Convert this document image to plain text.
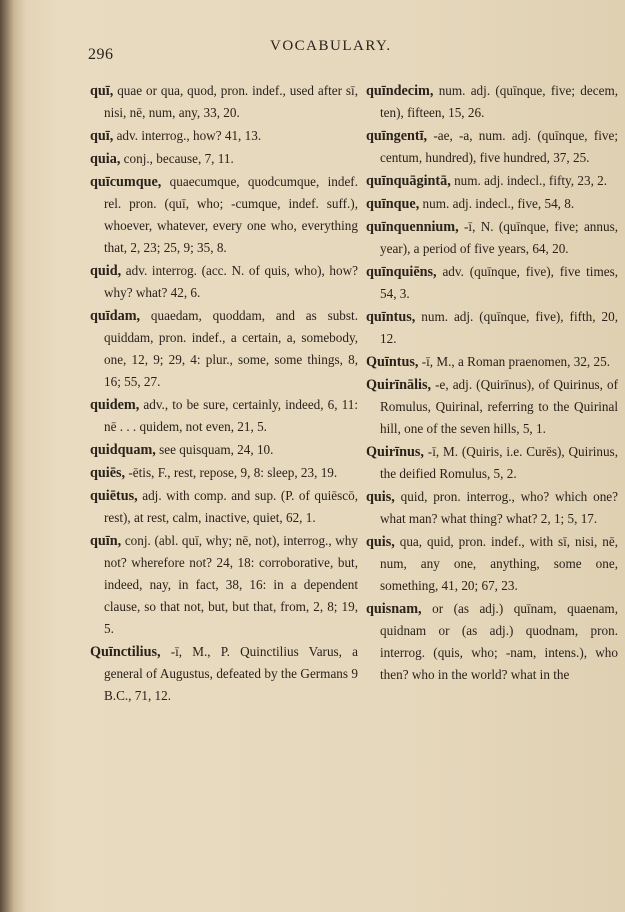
296	VOCABULARY.

quī, quae or qua, quod, pron. indef., used after sī, nisi, nē, num, any, 33, 20.

quī, adv. interrog., how? 41, 13.

quia, conj., because, 7, 11.

quīcumque, quaecumque, quodcumque, indef. rel. pron. (quī, who; -cumque, indef. suff.), whoever, whatever, every one who, everything that, 2, 23; 25, 9; 35, 8.

quid, adv. interrog. (acc. N. of quis, who), how? why? what? 42, 6.

quīdam, quaedam, quoddam, and as subst. quiddam, pron. indef., a certain, a, somebody, one, 12, 9; 29, 4: plur., some, some things, 8, 16; 55, 27.

quidem, adv., to be sure, certainly, indeed, 6, 11: nē . . . quidem, not even, 21, 5.

quidquam, see quisquam, 24, 10.

quiēs, -ētis, F., rest, repose, 9, 8: sleep, 23, 19.

quiētus, adj. with comp. and sup. (P. of quiēscō, rest), at rest, calm, inactive, quiet, 62, 1.

quīn, conj. (abl. quī, why; nē, not), interrog., why not? wherefore not? 24, 18: corroborative, but, indeed, nay, in fact, 38, 16: in a dependent clause, so that not, but, but that, from, 2, 8; 19, 5.

Quīnctilius, -ī, M., P. Quinctilius Varus, a general of Augustus, defeated by the Germans 9 B.C., 71, 12.

quīndecim, num. adj. (quīnque, five; decem, ten), fifteen, 15, 26.

quīngentī, -ae, -a, num. adj. (quīnque, five; centum, hundred), five hundred, 37, 25.

quīnquāgintā, num. adj. indecl., fifty, 23, 2.

quīnque, num. adj. indecl., five, 54, 8.

quīnquennium, -ī, N. (quīnque, five; annus, year), a period of five years, 64, 20.

quīnquiēns, adv. (quīnque, five), five times, 54, 3.

quīntus, num. adj. (quīnque, five), fifth, 20, 12.

Quīntus, -ī, M., a Roman praenomen, 32, 25.

Quirīnālis, -e, adj. (Quirīnus), of Quirinus, of Romulus, Quirinal, referring to the Quirinal hill, one of the seven hills, 5, 1.

Quirīnus, -ī, M. (Quiris, i.e. Curēs), Quirinus, the deified Romulus, 5, 2.

quis, quid, pron. interrog., who? which one? what man? what thing? what? 2, 1; 5, 17.

quis, qua, quid, pron. indef., with sī, nisi, nē, num, any one, anything, some one, something, 41, 20; 67, 23.

quisnam, or (as adj.) quīnam, quaenam, quidnam or (as adj.) quodnam, pron. interrog. (quis, who; -nam, intens.), who then? who in the world? what in the
